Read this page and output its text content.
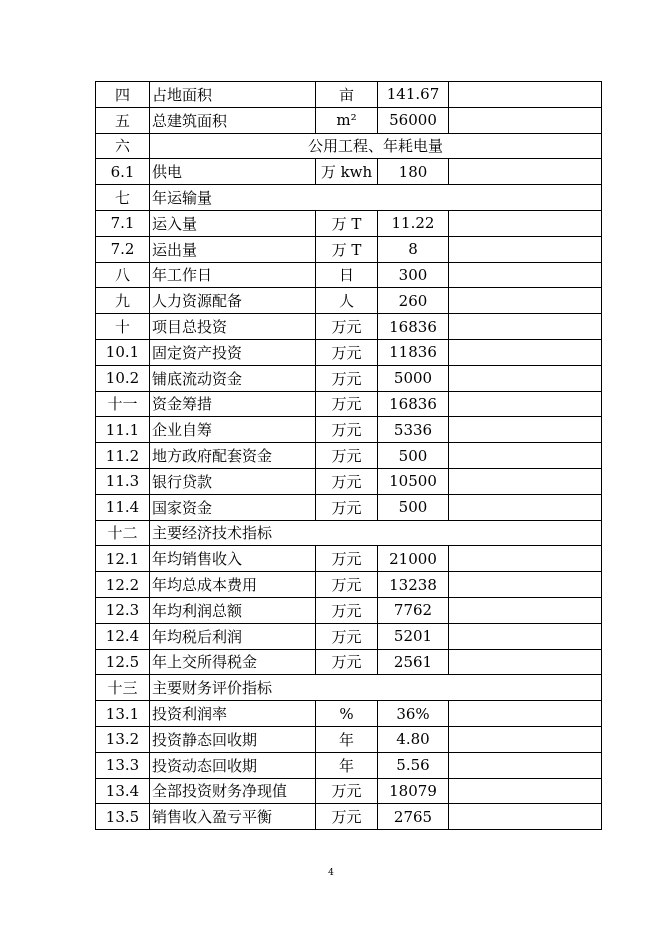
四	占地面积	亩	141.67	
五	总建筑面积	m²	56000	
六	公用工程、年耗电量			
6.1	供电	万 kwh	180	
七	年运输量			
7.1	运入量	万 T	11.22	
7.2	运出量	万 T	8	
八	年工作日	日	300	
九	人力资源配备	人	260	
十	项目总投资	万元	16836	
10.1	固定资产投资	万元	11836	
10.2	铺底流动资金	万元	5000	
十一	资金筹措	万元	16836	
11.1	企业自筹	万元	5336	
11.2	地方政府配套资金	万元	500	
11.3	银行贷款	万元	10500	
11.4	国家资金	万元	500	
十二	主要经济技术指标			
12.1	年均销售收入	万元	21000	
12.2	年均总成本费用	万元	13238	
12.3	年均利润总额	万元	7762	
12.4	年均税后利润	万元	5201	
12.5	年上交所得税金	万元	2561	
十三	主要财务评价指标			
13.1	投资利润率	%	36%	
13.2	投资静态回收期	年	4.80	
13.3	投资动态回收期	年	5.56	
13.4	全部投资财务净现值	万元	18079	
13.5	销售收入盈亏平衡	万元	2765	
4
